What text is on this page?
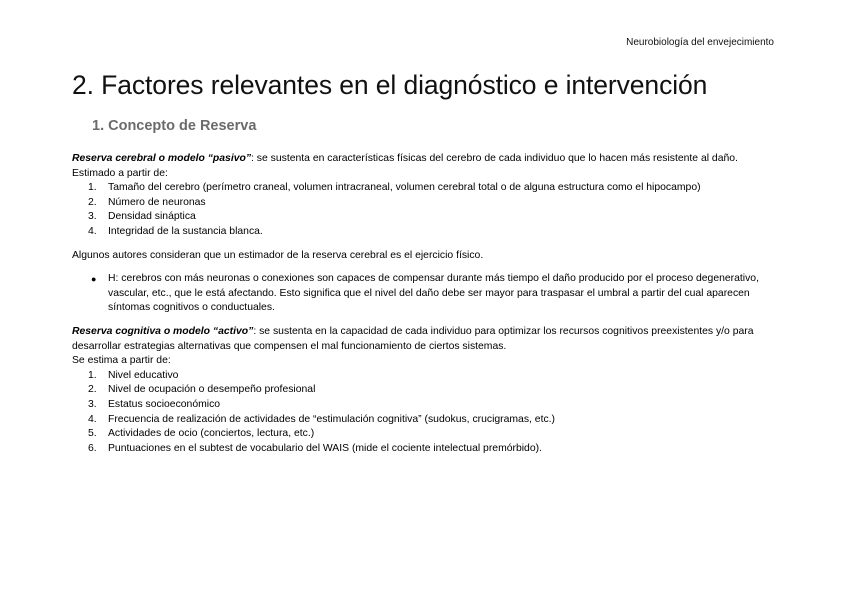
Neurobiología del envejecimiento
2. Factores relevantes en el diagnóstico e intervención
1. Concepto de Reserva

Reserva cerebral o modelo “pasivo”: se sustenta en características físicas del cerebro de cada individuo que lo hacen más resistente al daño. Estimado a partir de:

1.	Tamaño del cerebro (perímetro craneal, volumen intracraneal, volumen cerebral total o de alguna estructura como el hipocampo)
2.	Número de neuronas
3.	Densidad sináptica
4.	Integridad de la sustancia blanca.

Algunos autores consideran que un estimador de la reserva cerebral es el ejercicio físico.

● H: cerebros con más neuronas o conexiones son capaces de compensar durante más tiempo el daño producido por el proceso degenerativo, vascular, etc., que le está afectando. Esto significa que el nivel del daño debe ser mayor para traspasar el umbral a partir del cual aparecen síntomas cognitivos o conductuales.

Reserva cognitiva o modelo “activo”: se sustenta en la capacidad de cada individuo para optimizar los recursos cognitivos preexistentes y/o para desarrollar estrategias alternativas que compensen el mal funcionamiento de ciertos sistemas.

Se estima a partir de:

1.	Nivel educativo
2.	Nivel de ocupación o desempeño profesional
3.	Estatus socioeconómico
4.	Frecuencia de realización de actividades de “estimulación cognitiva” (sudokus, crucigramas, etc.)
5.	Actividades de ocio (conciertos, lectura, etc.)
6.	Puntuaciones en el subtest de vocabulario del WAIS (mide el cociente intelectual premórbido).
